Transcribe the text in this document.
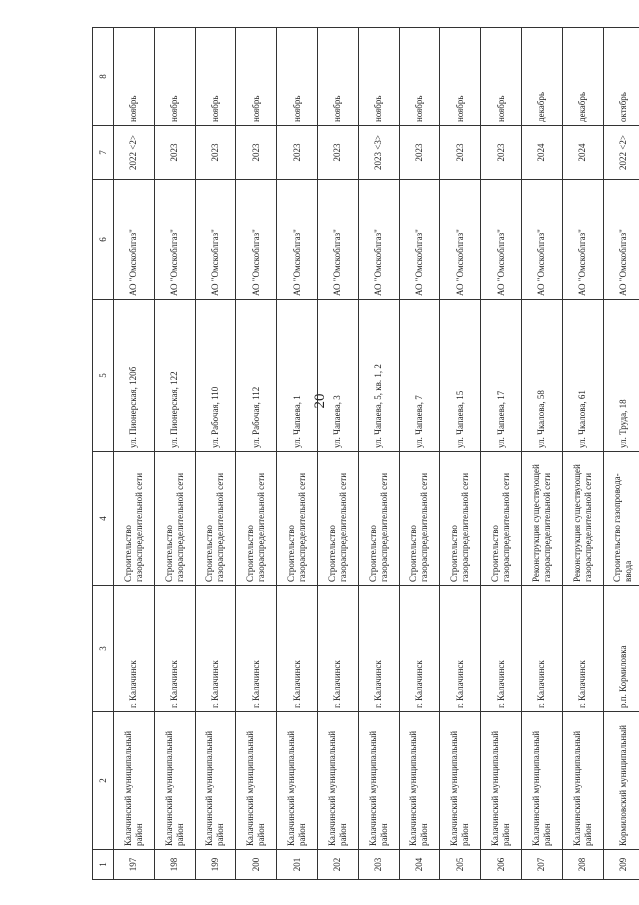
20
1	2	3	4	5	6	7	8
197	Калачинский муниципальный район	г. Калачинск	Строительство газораспределительной сети	ул. Пионерская, 120б	АО "Омскоблгаз"	2022 <2>	ноябрь
198	Калачинский муниципальный район	г. Калачинск	Строительство газораспределительной сети	ул. Пионерская, 122	АО "Омскоблгаз"	2023	ноябрь
199	Калачинский муниципальный район	г. Калачинск	Строительство газораспределительной сети	ул. Рабочая, 110	АО "Омскоблгаз"	2023	ноябрь
200	Калачинский муниципальный район	г. Калачинск	Строительство газораспределительной сети	ул. Рабочая, 112	АО "Омскоблгаз"	2023	ноябрь
201	Калачинский муниципальный район	г. Калачинск	Строительство газораспределительной сети	ул. Чапаева, 1	АО "Омскоблгаз"	2023	ноябрь
202	Калачинский муниципальный район	г. Калачинск	Строительство газораспределительной сети	ул. Чапаева, 3	АО "Омскоблгаз"	2023	ноябрь
203	Калачинский муниципальный район	г. Калачинск	Строительство газораспределительной сети	ул. Чапаева, 5, кв. 1, 2	АО "Омскоблгаз"	2023 <3>	ноябрь
204	Калачинский муниципальный район	г. Калачинск	Строительство газораспределительной сети	ул. Чапаева, 7	АО "Омскоблгаз"	2023	ноябрь
205	Калачинский муниципальный район	г. Калачинск	Строительство газораспределительной сети	ул. Чапаева, 15	АО "Омскоблгаз"	2023	ноябрь
206	Калачинский муниципальный район	г. Калачинск	Строительство газораспределительной сети	ул. Чапаева, 17	АО "Омскоблгаз"	2023	ноябрь
207	Калачинский муниципальный район	г. Калачинск	Реконструкция существующей газораспределительной сети	ул. Чкалова, 58	АО "Омскоблгаз"	2024	декабрь
208	Калачинский муниципальный район	г. Калачинск	Реконструкция существующей газораспределительной сети	ул. Чкалова, 61	АО "Омскоблгаз"	2024	декабрь
209	Кормиловский муниципальный	р.п. Кормиловка	Строительство газопровода-ввода	ул. Труда, 18	АО "Омскоблгаз"	2022 <2>	октябрь
